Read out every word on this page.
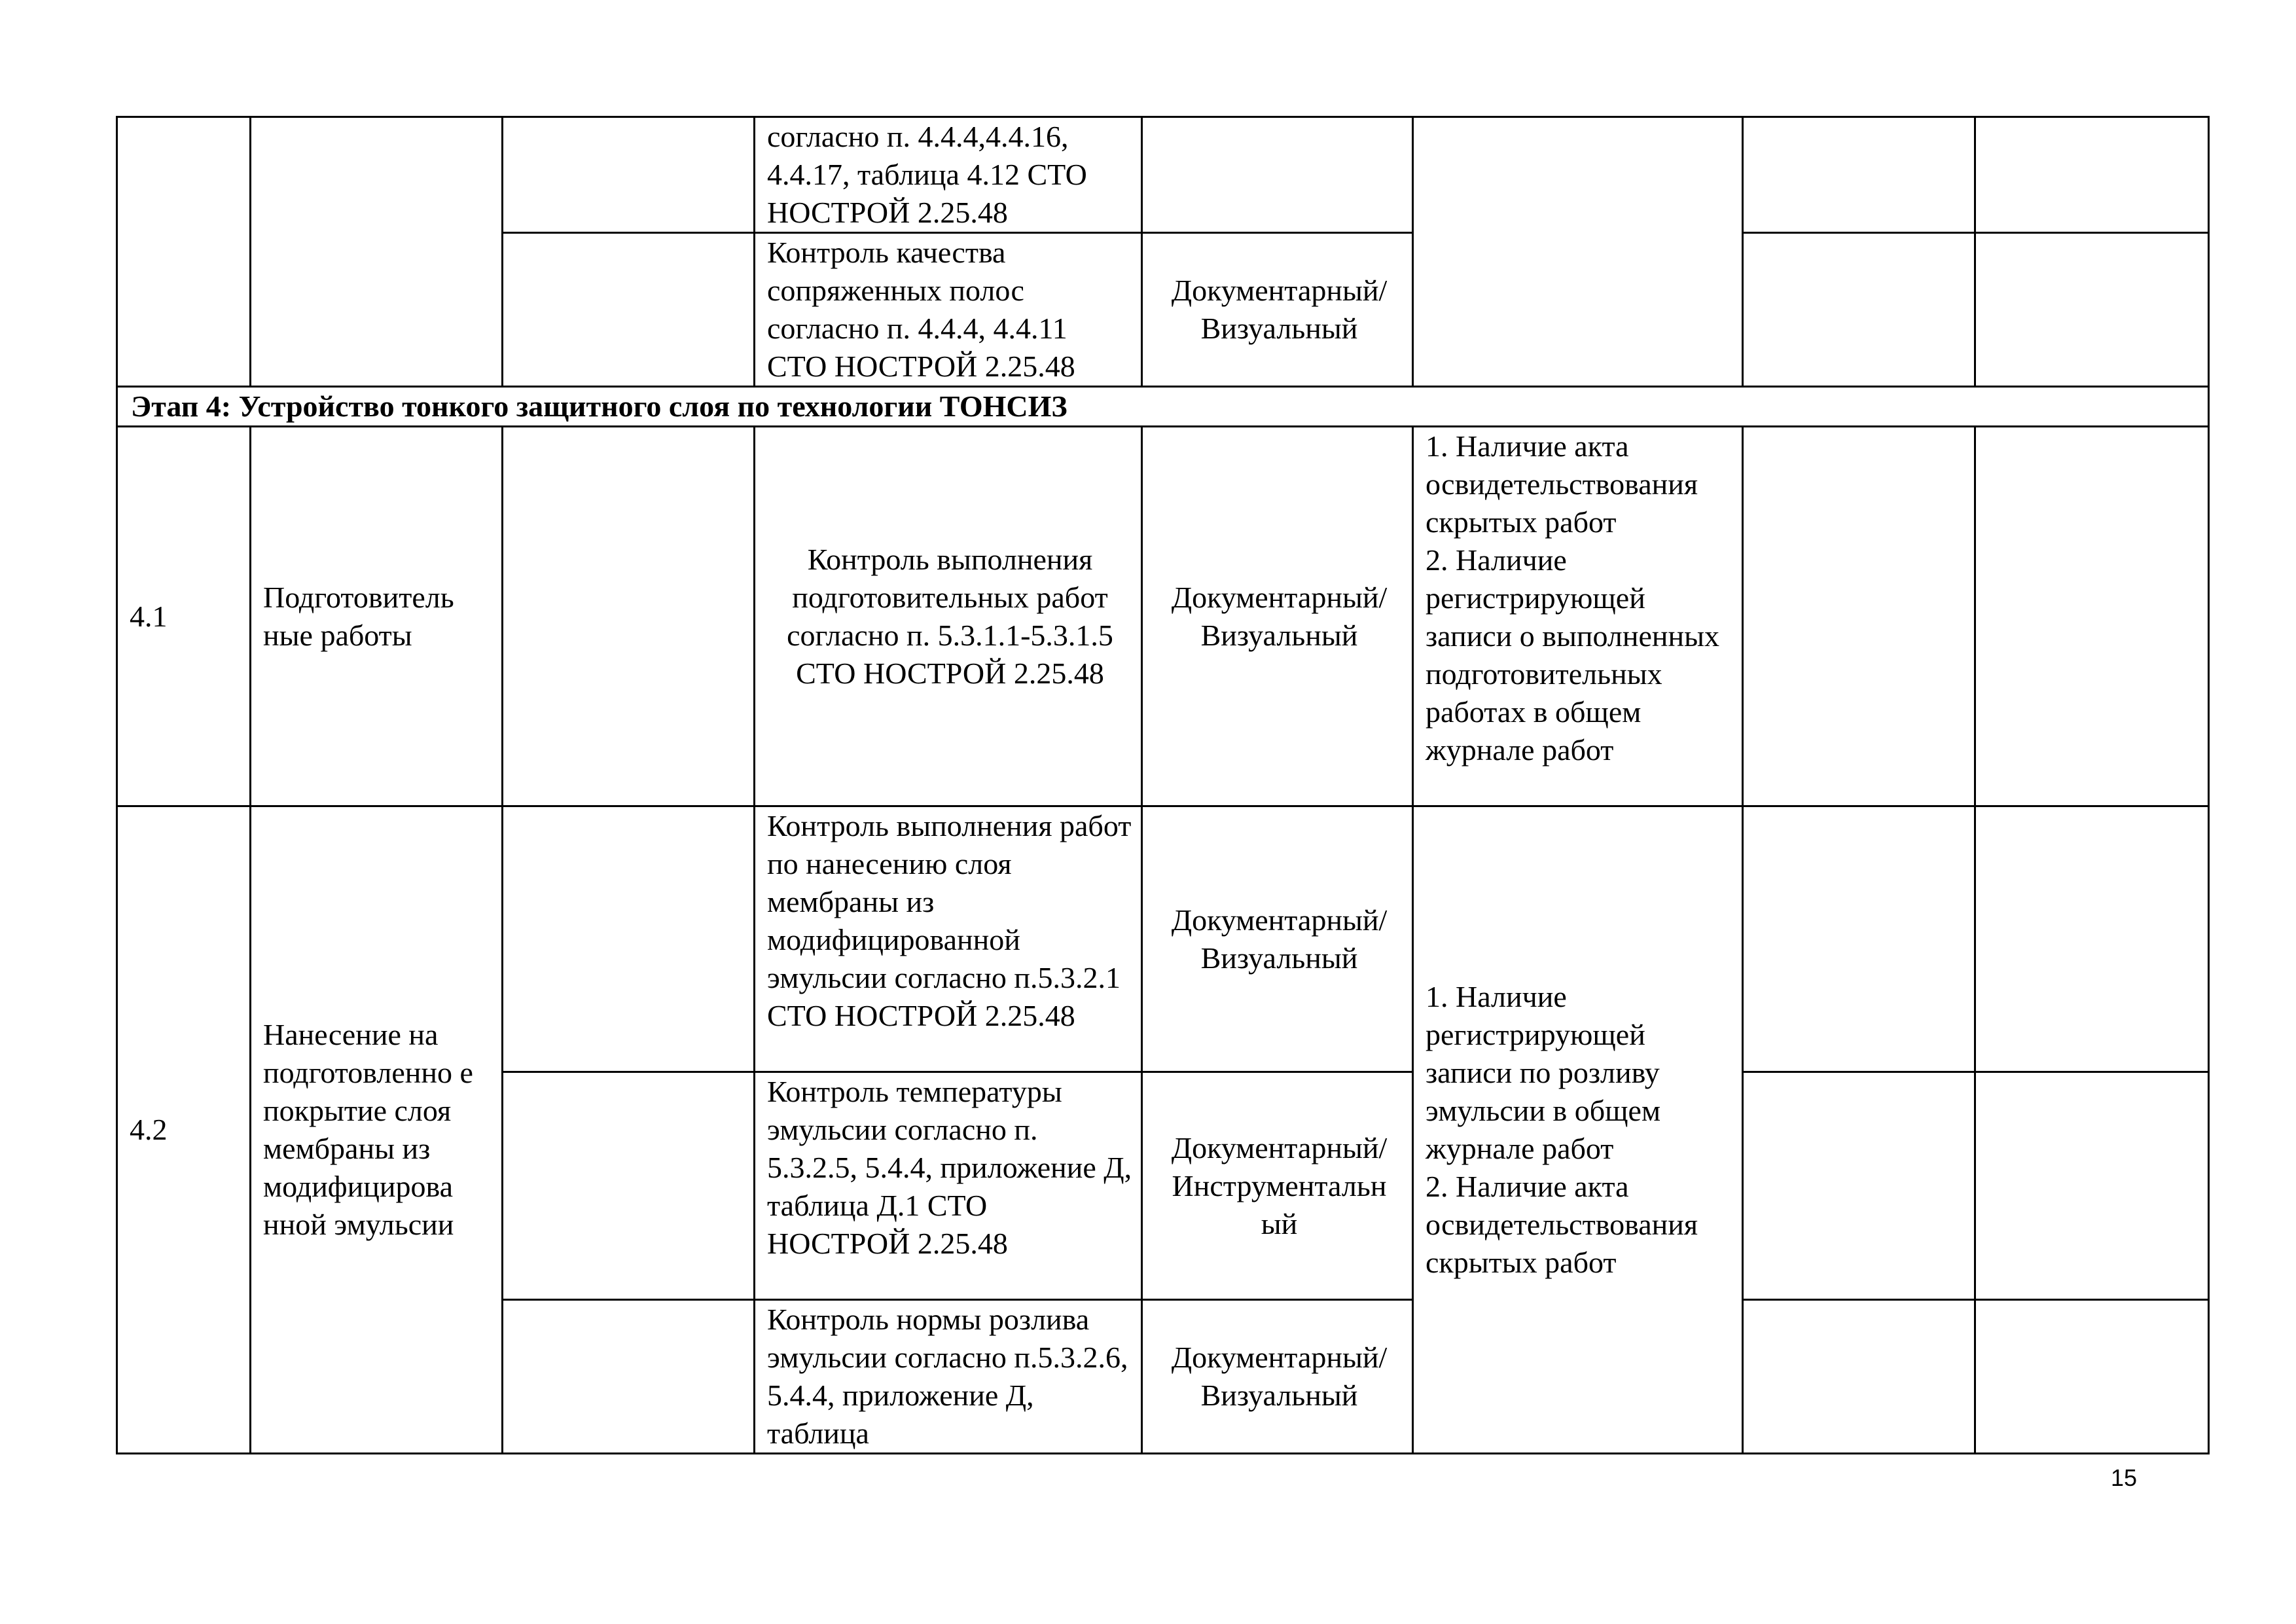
			согласно п. 4.4.4,4.4.16, 4.4.17, таблица 4.12 СТО НОСТРОЙ 2.25.48				
			Контроль качества сопряженных полос согласно п. 4.4.4, 4.4.11 СТО НОСТРОЙ 2.25.48	Документарный/ Визуальный			
Этап 4: Устройство тонкого защитного слоя по технологии ТОНСИЗ							
4.1	Подготовитель ные работы		Контроль выполнения подготовительных работ согласно п. 5.3.1.1-5.3.1.5 СТО НОСТРОЙ 2.25.48	Документарный/ Визуальный	1. Наличие акта освидетельствования скрытых работ
2. Наличие регистрирующей записи о выполненных подготовительных работах в общем журнале работ		
4.2	Нанесение на подготовленно е покрытие слоя мембраны из модифицирова нной эмульсии		Контроль выполнения работ по нанесению слоя мембраны из модифицированной эмульсии согласно п.5.3.2.1 СТО НОСТРОЙ 2.25.48	Документарный/ Визуальный	1. Наличие регистрирующей записи по розливу эмульсии в общем журнале работ
2. Наличие акта освидетельствования скрытых работ		
			Контроль температуры эмульсии согласно п. 5.3.2.5, 5.4.4, приложение Д, таблица Д.1 СТО НОСТРОЙ 2.25.48	Документарный/ Инструментальн ый			
			Контроль нормы розлива эмульсии согласно п.5.3.2.6, 5.4.4, приложение Д, таблица	Документарный/ Визуальный			
15
